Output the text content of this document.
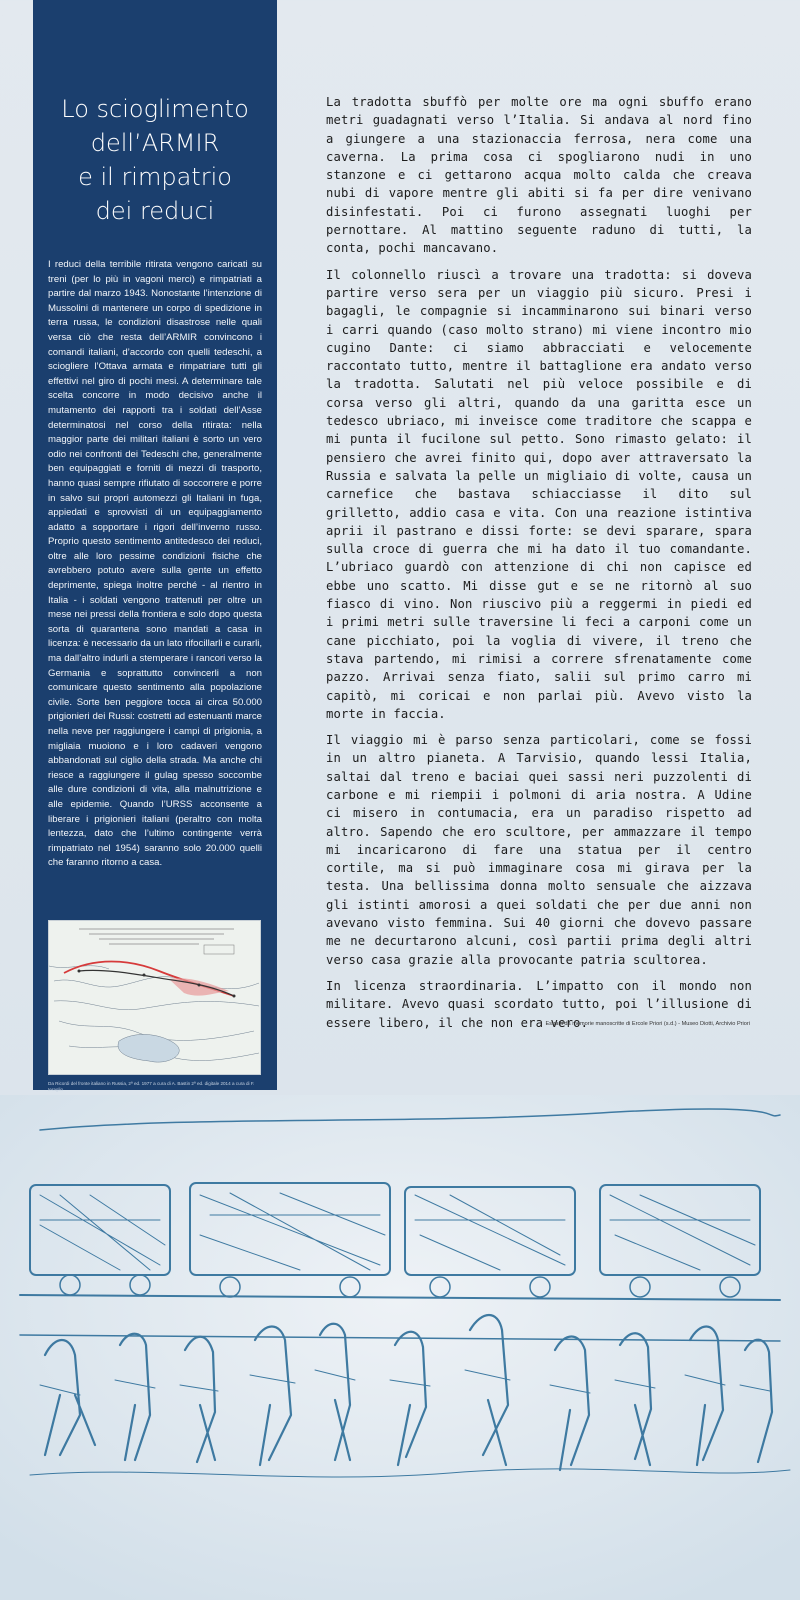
Lo scioglimento
dell’ARMIR
e il rimpatrio
dei reduci

I reduci della terribile ritirata vengono caricati su treni (per lo più in vagoni merci) e rimpatriati a partire dal marzo 1943. Nonostante l’intenzione di Mussolini di mantenere un corpo di spedizione in terra russa, le condizioni disastrose nelle quali versa ciò che resta dell’ARMIR convincono i comandi italiani, d’accordo con quelli tedeschi, a sciogliere l’Ottava armata e rimpatriare tutti gli effettivi nel giro di pochi mesi. A determinare tale scelta concorre in modo decisivo anche il mutamento dei rapporti tra i soldati dell’Asse determinatosi nel corso della ritirata: nella maggior parte dei militari italiani è sorto un vero odio nei confronti dei Tedeschi che, generalmente ben equipaggiati e forniti di mezzi di trasporto, hanno quasi sempre rifiutato di soccorrere e porre in salvo sui propri automezzi gli Italiani in fuga, appiedati e sprovvisti di un equipaggiamento adatto a sopportare i rigori dell’inverno russo. Proprio questo sentimento antitedesco dei reduci, oltre alle loro pessime condizioni fisiche che avrebbero potuto avere sulla gente un effetto deprimente, spiega inoltre perché - al rientro in Italia - i soldati vengono trattenuti per oltre un mese nei pressi della frontiera e solo dopo questa sorta di quarantena sono mandati a casa in licenza: è necessario da un lato rifocillarli e curarli, ma dall’altro indurli a stemperare i rancori verso la Germania e soprattutto convincerli a non comunicare questo sentimento alla popolazione civile. Sorte ben peggiore tocca ai circa 50.000 prigionieri dei Russi: costretti ad estenuanti marce nella neve per raggiungere i campi di prigionia, a migliaia muoiono e i loro cadaveri vengono abbandonati sul ciglio della strada. Ma anche chi riesce a raggiungere il gulag spesso soccombe alle dure condizioni di vita, alla malnutrizione e alle epidemie. Quando l’URSS acconsente a liberare i prigionieri italiani (peraltro con molta lentezza, dato che l’ultimo contingente verrà rimpatriato nel 1954) saranno solo 20.000 quelli che faranno ritorno a casa.

Da Ricordi del fronte italiano in Russia, 2ª ed. 1977 a cura di A. Bastin 2ª ed. digitale 2014 a cura di F. Ieraglio

La tradotta sbuffò per molte ore ma ogni sbuffo erano metri guadagnati verso l’Italia. Si andava al nord fino a giungere a una stazionaccia ferrosa, nera come una caverna. La prima cosa ci spogliarono nudi in uno stanzone e ci gettarono acqua molto calda che creava nubi di vapore mentre gli abiti si fa per dire venivano disinfestati. Poi ci furono assegnati luoghi per pernottare. Al mattino seguente raduno di tutti, la conta, pochi mancavano.

Il colonnello riuscì a trovare una tradotta: si doveva partire verso sera per un viaggio più sicuro. Presi i bagagli, le compagnie si incamminarono sui binari verso i carri quando (caso molto strano) mi viene incontro mio cugino Dante: ci siamo abbracciati e velocemente raccontato tutto, mentre il battaglione era andato verso la tradotta. Salutati nel più veloce possibile e di corsa verso gli altri, quando da una garitta esce un tedesco ubriaco, mi inveisce come traditore che scappa e mi punta il fucilone sul petto. Sono rimasto gelato: il pensiero che avrei finito qui, dopo aver attraversato la Russia e salvata la pelle un migliaio di volte, causa un carnefice che bastava schiacciasse il dito sul grilletto, addio casa e vita. Con una reazione istintiva aprii il pastrano e dissi forte: se devi sparare, spara sulla croce di guerra che mi ha dato il tuo comandante. L’ubriaco guardò con attenzione di chi non capisce ed ebbe uno scatto. Mi disse gut e se ne ritornò al suo fiasco di vino. Non riuscivo più a reggermi in piedi ed i primi metri sulle traversine li feci a carponi come un cane picchiato, poi la voglia di vivere, il treno che stava partendo, mi rimisi a correre sfrenatamente come pazzo. Arrivai senza fiato, salii sul primo carro mi capitò, mi coricai e non parlai più. Avevo visto la morte in faccia.

Il viaggio mi è parso senza particolari, come se fossi in un altro pianeta. A Tarvisio, quando lessi Italia, saltai dal treno e baciai quei sassi neri puzzolenti di carbone e mi riempii i polmoni di aria nostra. A Udine ci misero in contumacia, era un paradiso rispetto ad altro. Sapendo che ero scultore, per ammazzare il tempo mi incaricarono di fare una statua per il centro cortile, ma si può immaginare cosa mi girava per la testa. Una bellissima donna molto sensuale che aizzava gli istinti amorosi a quei soldati che per due anni non avevano visto femmina. Sui 40 giorni che dovevo passare me ne decurtarono alcuni, così partii prima degli altri verso casa grazie alla provocante patria scultorea.

In licenza straordinaria. L’impatto con il mondo non militare. Avevo quasi scordato tutto, poi l’illusione di essere libero, il che non era vero.

Estratti da memorie manoscritte di Ercole Priori (s.d.) - Museo Diotti, Archivio Priori
